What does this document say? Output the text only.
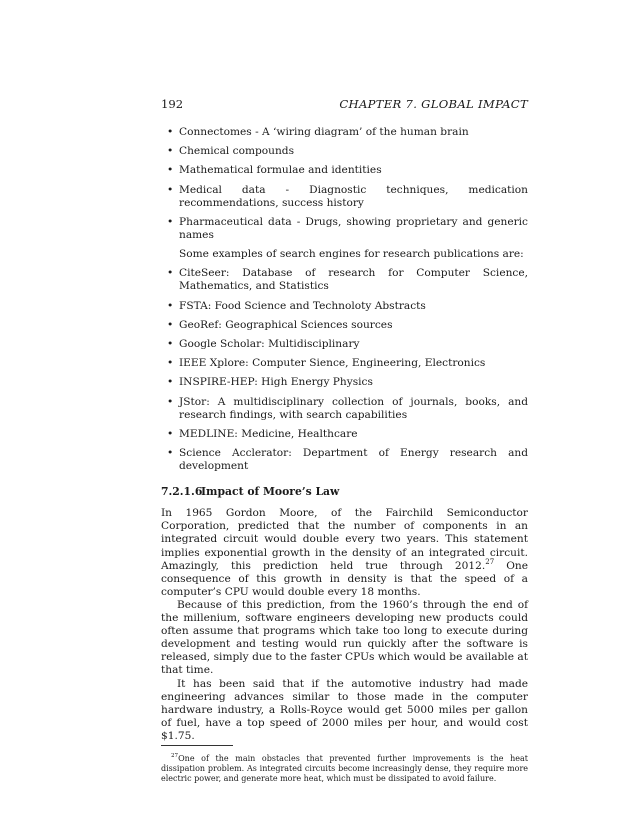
192	CHAPTER 7. GLOBAL IMPACT
• Connectomes - A ‘wiring diagram’ of the human brain
• Chemical compounds
• Mathematical formulae and identities
• Medical data - Diagnostic techniques, medication recommendations, success history
• Pharmaceutical data - Drugs, showing proprietary and generic names

Some examples of search engines for research publications are:

• CiteSeer: Database of research for Computer Science, Mathematics, and Statistics
• FSTA: Food Science and Technoloty Abstracts
• GeoRef: Geographical Sciences sources
• Google Scholar: Multidisciplinary
• IEEE Xplore: Computer Sience, Engineering, Electronics
• INSPIRE-HEP: High Energy Physics
• JStor: A multidisciplinary collection of journals, books, and research findings, with search capabilities
• MEDLINE: Medicine, Healthcare
• Science Acclerator: Department of Energy research and development
7.2.1.6Impact of Moore’s Law

In 1965 Gordon Moore, of the Fairchild Semiconductor Corporation, predicted that the number of components in an integrated circuit would double every two years. This statement implies exponential growth in the density of an integrated circuit. Amazingly, this prediction held true through 2012.27 One consequence of this growth in density is that the speed of a computer’s CPU would double every 18 months.

Because of this prediction, from the 1960’s through the end of the millenium, software engineers developing new products could often assume that programs which take too long to execute during development and testing would run quickly after the software is released, simply due to the faster CPUs which would be available at that time.

It has been said that if the automotive industry had made engineering advances similar to those made in the computer hardware industry, a Rolls-Royce would get 5000 miles per gallon of fuel, have a top speed of 2000 miles per hour, and would cost $1.75.

$^{27}$One of the main obstacles that prevented further improvements is the heat dissipation problem. As integrated circuits become increasingly dense, they require more electric power, and generate more heat, which must be dissipated to avoid failure.
